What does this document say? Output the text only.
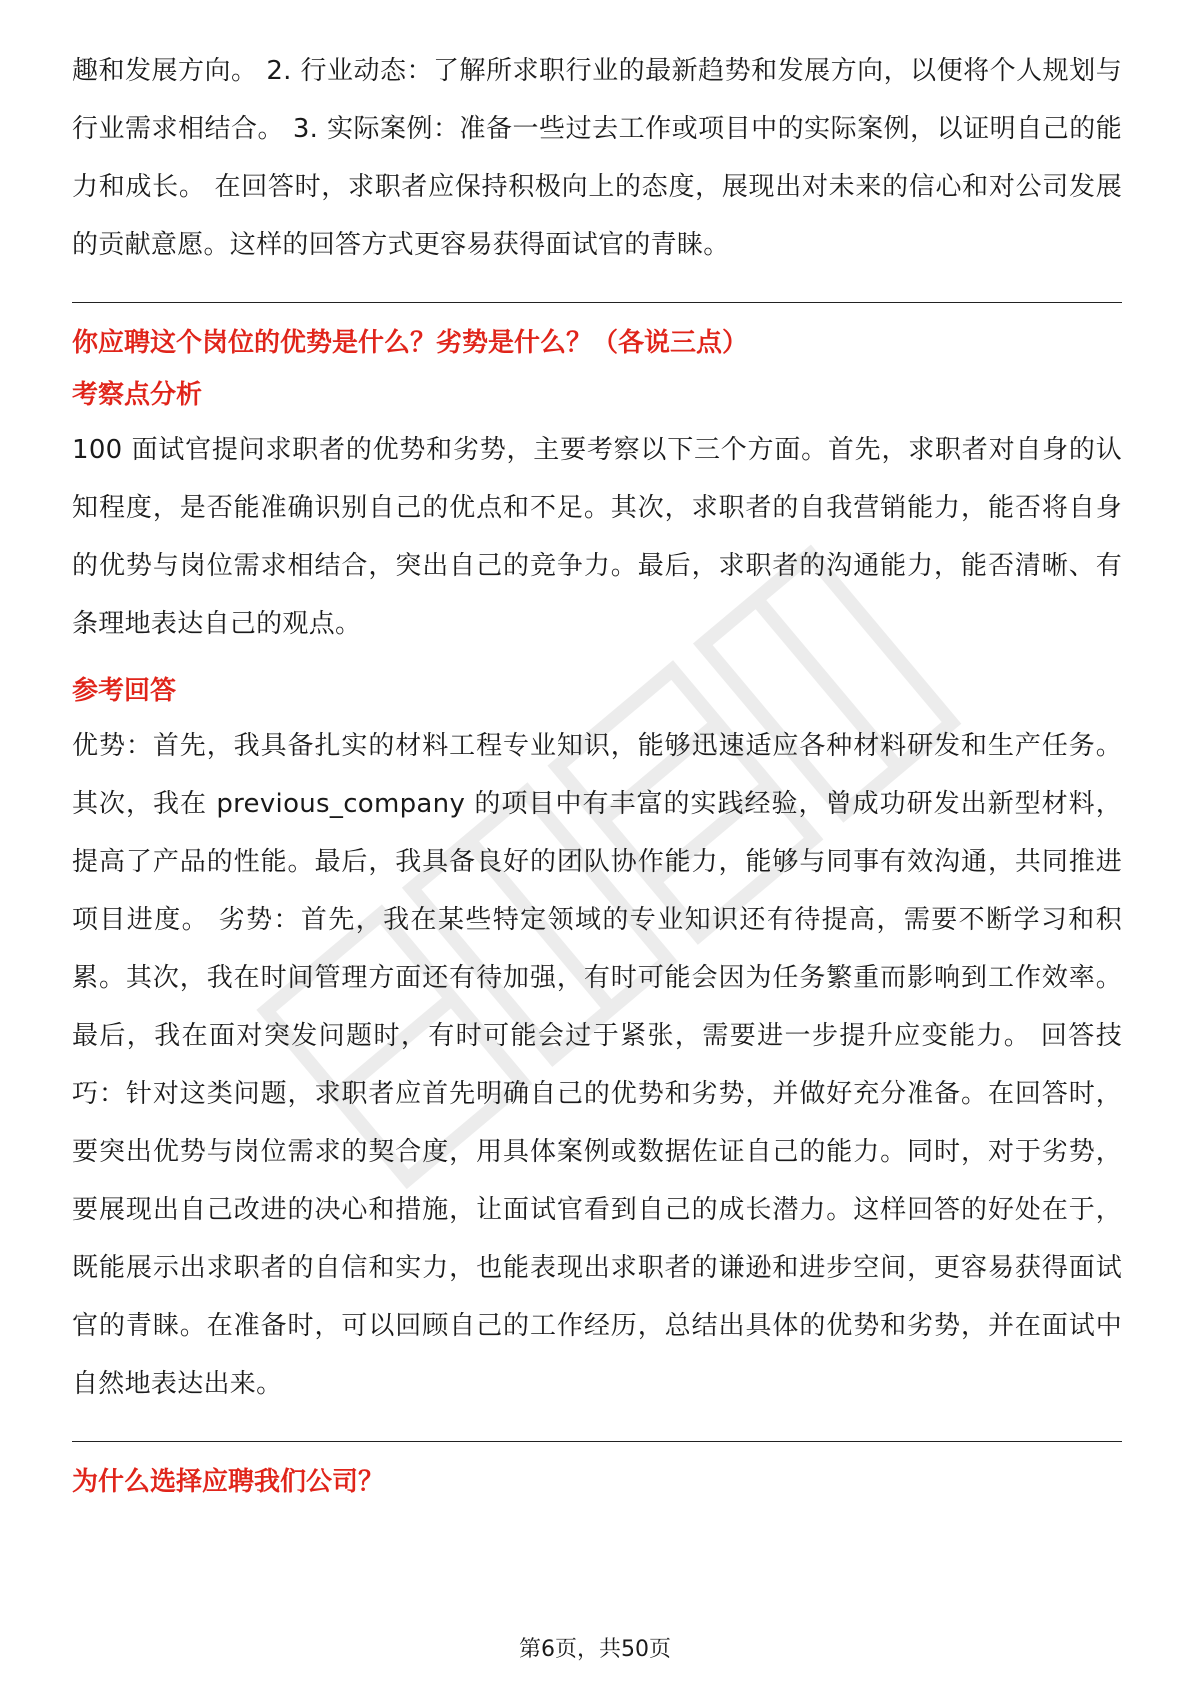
趣和发展方向。 2. 行业动态：了解所求职行业的最新趋势和发展方向，以便将个人规划与行业需求相结合。 3. 实际案例：准备一些过去工作或项目中的实际案例，以证明自己的能力和成长。 在回答时，求职者应保持积极向上的态度，展现出对未来的信心和对公司发展的贡献意愿。这样的回答方式更容易获得面试官的青睐。

你应聘这个岗位的优势是什么？劣势是什么？（各说三点）
考察点分析

100 面试官提问求职者的优势和劣势，主要考察以下三个方面。首先，求职者对自身的认知程度，是否能准确识别自己的优点和不足。其次，求职者的自我营销能力，能否将自身的优势与岗位需求相结合，突出自己的竞争力。最后，求职者的沟通能力，能否清晰、有条理地表达自己的观点。

参考回答

优势：首先，我具备扎实的材料工程专业知识，能够迅速适应各种材料研发和生产任务。其次，我在 previous_company 的项目中有丰富的实践经验，曾成功研发出新型材料，提高了产品的性能。最后，我具备良好的团队协作能力，能够与同事有效沟通，共同推进项目进度。 劣势：首先，我在某些特定领域的专业知识还有待提高，需要不断学习和积累。其次，我在时间管理方面还有待加强，有时可能会因为任务繁重而影响到工作效率。最后，我在面对突发问题时，有时可能会过于紧张，需要进一步提升应变能力。 回答技巧：针对这类问题，求职者应首先明确自己的优势和劣势，并做好充分准备。在回答时，要突出优势与岗位需求的契合度，用具体案例或数据佐证自己的能力。同时，对于劣势，要展现出自己改进的决心和措施，让面试官看到自己的成长潜力。这样回答的好处在于，既能展示出求职者的自信和实力，也能表现出求职者的谦逊和进步空间，更容易获得面试官的青睐。在准备时，可以回顾自己的工作经历，总结出具体的优势和劣势，并在面试中自然地表达出来。

为什么选择应聘我们公司？
第6页，共50页
